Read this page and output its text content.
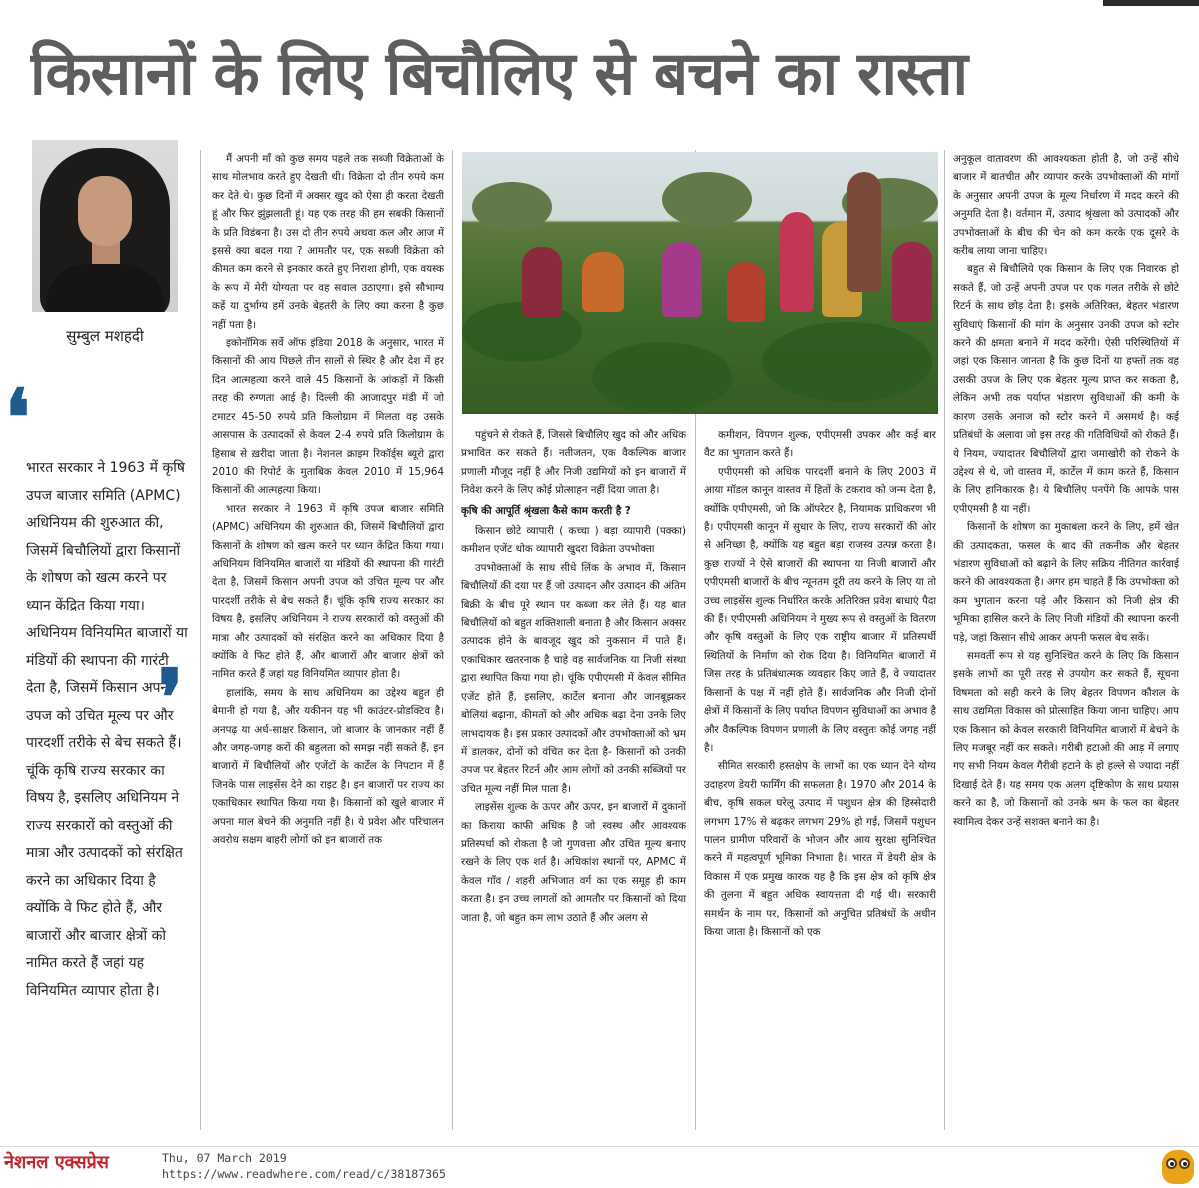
किसानों के लिए बिचौलिए से बचने का रास्ता
सुम्बुल मशहदी
❛
भारत सरकार ने 1963 में कृषि उपज बाजार समिति (APMC) अधिनियम की शुरुआत की, जिसमें बिचौलियों द्वारा किसानों के शोषण को खत्म करने पर ध्यान केंद्रित किया गया। अधिनियम विनियमित बाजारों या मंडियों की स्थापना की गारंटी देता है, जिसमें किसान अपनी उपज को उचित मूल्य पर और पारदर्शी तरीके से बेच सकते हैं। चूंकि कृषि राज्य सरकार का विषय है, इसलिए अधिनियम ने राज्य सरकारों को वस्तुओं की मात्रा और उत्पादकों को संरक्षित करने का अधिकार दिया है क्योंकि वे फिट होते हैं, और बाजारों और बाजार क्षेत्रों को नामित करते हैं जहां यह विनियमित व्यापार होता है।
❜

मैं अपनी माँ को कुछ समय पहले तक सब्जी विक्रेताओं के साथ मोलभाव करते हुए देखती थी। विक्रेता दो तीन रुपये कम कर देते थे। कुछ दिनों में अक्सर खुद को ऐसा ही करता देखती हूं और फिर झुंझलाती हूं। यह एक तरह की हम सबकी किसानों के प्रति विडंबना है। उस दो तीन रुपये अथवा कल और आज में इससे क्या बदल गया ? आमतौर पर, एक सब्जी विक्रेता को कीमत कम करने से इनकार करते हुए निराशा होगी, एक वयस्क के रूप में मेरी योग्यता पर वह सवाल उठाएगा। इसे सौभाग्य कहें या दुर्भाग्य हमें उनके बेहतरी के लिए क्या करना है कुछ नहीं पता है।

इकोनॉमिक सर्वे ऑफ इंडिया 2018 के अनुसार, भारत में किसानों की आय पिछले तीन सालों से स्थिर है और देश में हर दिन आत्महत्या करने वाले 45 किसानों के आंकड़ों में किसी तरह की रुग्णता आई है। दिल्ली की आजादपुर मंडी में जो टमाटर 45-50 रुपये प्रति किलोग्राम में मिलता वह उसके आसपास के उत्पादकों से केवल 2-4 रुपये प्रति किलोग्राम के हिसाब से ख़रीदा जाता है। नेशनल क्राइम रिकॉर्ड्स ब्यूरो द्वारा 2010 की रिपोर्ट के मुताबिक केवल 2010 में 15,964 किसानों की आत्महत्या किया।

भारत सरकार ने 1963 में कृषि उपज बाजार समिति (APMC) अधिनियम की शुरुआत की, जिसमें बिचौलियों द्वारा किसानों के शोषण को खत्म करने पर ध्यान केंद्रित किया गया। अधिनियम विनियमित बाजारों या मंडियों की स्थापना की गारंटी देता है, जिसमें किसान अपनी उपज को उचित मूल्य पर और पारदर्शी तरीके से बेच सकते हैं। चूंकि कृषि राज्य सरकार का विषय है, इसलिए अधिनियम ने राज्य सरकारों को वस्तुओं की मात्रा और उत्पादकों को संरक्षित करने का अधिकार दिया है क्योंकि वे फिट होते हैं, और बाजारों और बाजार क्षेत्रों को नामित करते हैं जहां यह विनियमित व्यापार होता है।

हालांकि, समय के साथ अधिनियम का उद्देश्य बहुत ही बेमानी हो गया है, और यकीनन यह भी काउंटर-प्रोडक्टिव है। अनपढ़ या अर्ध-साक्षर किसान, जो बाजार के जानकार नहीं हैं और जगह-जगह करों की बहुलता को समझ नहीं सकते हैं, इन बाजारों में बिचौलियों और एजेंटों के कार्टेल के निपटान में हैं जिनके पास लाइसेंस देने का राइट है। इन बाजारों पर राज्य का एकाधिकार स्थापित किया गया है। किसानों को खुले बाजार में अपना माल बेचने की अनुमति नहीं है। ये प्रवेश और परिचालन अवरोध सक्षम बाहरी लोगों को इन बाजारों तक

पहुंचने से रोकते हैं, जिससे बिचौलिए खुद को और अधिक प्रभावित कर सकते हैं। नतीजतन, एक वैकल्पिक बाजार प्रणाली मौजूद नहीं है और निजी उद्यमियों को इन बाजारों में निवेश करने के लिए कोई प्रोत्साहन नहीं दिया जाता है।

कृषि की आपूर्ति श्रृंखला कैसे काम करती है ?

किसान छोटे व्यापारी ( कच्चा ) बड़ा व्यापारी (पक्का) कमीशन एजेंट थोक व्यापारी खुदरा विक्रेता उपभोक्ता

उपभोक्ताओं के साथ सीधे लिंक के अभाव में, किसान बिचौलियों की दया पर हैं जो उत्पादन और उत्पादन की अंतिम बिक्री के बीच पूरे स्थान पर कब्जा कर लेते हैं। यह बात बिचौलियों को बहुत शक्तिशाली बनाता है और किसान अक्सर उत्पादक होने के बावजूद खुद को नुकसान में पाते हैं। एकाधिकार खतरनाक है चाहे वह सार्वजनिक या निजी संस्था द्वारा स्थापित किया गया हो। चूंकि एपीएमसी में केवल सीमित एजेंट होते हैं, इसलिए, कार्टेल बनाना और जानबूझकर बोलियां बढ़ाना, कीमतों को और अधिक बढ़ा देना उनके लिए लाभदायक है। इस प्रकार उत्पादकों और उपभोक्ताओं को भ्रम में डालकर, दोनों को वंचित कर देता है- किसानों को उनकी उपज पर बेहतर रिटर्न और आम लोगों को उनकी सब्जियों पर उचित मूल्य नहीं मिल पाता है।

लाइसेंस शुल्क के ऊपर और ऊपर, इन बाजारों में दुकानों का किराया काफी अधिक है जो स्वस्थ और आवश्यक प्रतिस्पर्धा को रोकता है जो गुणवत्ता और उचित मूल्य बनाए रखने के लिए एक शर्त है। अधिकांश स्थानों पर, APMC में केवल गाँव / शहरी अभिजात वर्ग का एक समूह ही काम करता है। इन उच्च लागतों को आमतौर पर किसानों को दिया जाता है, जो बहुत कम लाभ उठाते हैं और अलग से

कमीशन, विपणन शुल्क, एपीएमसी उपकर और कई बार वैट का भुगतान करते हैं।

एपीएमसी को अधिक पारदर्शी बनाने के लिए 2003 में आया मॉडल कानून वास्तव में हितों के टकराव को जन्म देता है, क्योंकि एपीएमसी, जो कि ऑपरेटर है, नियामक प्राधिकरण भी है। एपीएमसी कानून में सुधार के लिए, राज्य सरकारों की ओर से अनिच्छा है, क्योंकि यह बहुत बड़ा राजस्व उत्पन्न करता है। कुछ राज्यों ने ऐसे बाजारों की स्थापना या निजी बाजारों और एपीएमसी बाजारों के बीच न्यूनतम दूरी तय करने के लिए या तो उच्च लाइसेंस शुल्क निर्धारित करके अतिरिक्त प्रवेश बाधाएं पैदा की हैं। एपीएमसी अधिनियम ने मुख्य रूप से वस्तुओं के वितरण और कृषि वस्तुओं के लिए एक राष्ट्रीय बाजार में प्रतिस्पर्धी स्थितियों के निर्माण को रोक दिया है। विनियमित बाजारों में जिस तरह के प्रतिबंधात्मक व्यवहार किए जाते हैं, वे ज्यादातर किसानों के पक्ष में नहीं होते हैं। सार्वजनिक और निजी दोनों क्षेत्रों में किसानों के लिए पर्याप्त विपणन सुविधाओं का अभाव है और वैकल्पिक विपणन प्रणाली के लिए वस्तुतः कोई जगह नहीं है।

सीमित सरकारी हस्तक्षेप के लाभों का एक ध्यान देने योग्य उदाहरण डेयरी फार्मिंग की सफलता है। 1970 और 2014 के बीच, कृषि सकल घरेलू उत्पाद में पशुधन क्षेत्र की हिस्सेदारी लगभग 17% से बढ़कर लगभग 29% हो गई, जिसमें पशुधन पालन ग्रामीण परिवारों के भोजन और आय सुरक्षा सुनिश्चित करने में महत्वपूर्ण भूमिका निभाता है। भारत में डेयरी क्षेत्र के विकास में एक प्रमुख कारक यह है कि इस क्षेत्र को कृषि क्षेत्र की तुलना में बहुत अधिक स्वायत्तता दी गई थी। सरकारी समर्थन के नाम पर, किसानों को अनुचित प्रतिबंधों के अधीन किया जाता है। किसानों को एक

अनुकूल वातावरण की आवश्यकता होती है, जो उन्हें सीधे बाजार में बातचीत और व्यापार करके उपभोक्ताओं की मांगों के अनुसार अपनी उपज के मूल्य निर्धारण में मदद करने की अनुमति देता है। वर्तमान में, उत्पाद श्रृंखला को उत्पादकों और उपभोक्ताओं के बीच की चेन को कम करके एक दूसरे के करीब लाया जाना चाहिए।

बहुत से बिचौलिये एक किसान के लिए एक निवारक हो सकते हैं, जो उन्हें अपनी उपज पर एक गलत तरीके से छोटे रिटर्न के साथ छोड़ देता है। इसके अतिरिक्त, बेहतर भंडारण सुविधाएं किसानों की मांग के अनुसार उनकी उपज को स्टोर करने की क्षमता बनाने में मदद करेंगी। ऐसी परिस्थितियों में जहां एक किसान जानता है कि कुछ दिनों या हफ्तों तक वह उसकी उपज के लिए एक बेहतर मूल्य प्राप्त कर सकता है, लेकिन अभी तक पर्याप्त भंडारण सुविधाओं की कमी के कारण उसके अनाज को स्टोर करने में असमर्थ है। कई प्रतिबंधों के अलावा जो इस तरह की गतिविधियों को रोकते हैं। ये नियम, ज्यादातर बिचौलियों द्वारा जमाखोरी को रोकने के उद्देश्य से थे, जो वास्तव में, कार्टेल में काम करते हैं, किसान के लिए हानिकारक है। ये बिचौलिए पनपेंगे कि आपके पास एपीएमसी है या नहीं।

किसानों के शोषण का मुकाबला करने के लिए, हमें खेत की उत्पादकता, फसल के बाद की तकनीक और बेहतर भंडारण सुविधाओं को बढ़ाने के लिए सक्रिय नीतिगत कार्रवाई करने की आवश्यकता है। अगर हम चाहते हैं कि उपभोक्ता को कम भुगतान करना पड़े और किसान को निजी क्षेत्र की भूमिका हासिल करने के लिए निजी मंडियों की स्थापना करनी पड़े, जहां किसान सीधे आकर अपनी फसल बेच सकें।

समवर्ती रूप से यह सुनिश्चित करने के लिए कि किसान इसके लाभों का पूरी तरह से उपयोग कर सकते हैं, सूचना विषमता को सही करने के लिए बेहतर विपणन कौशल के साथ उद्यमिता विकास को प्रोत्साहित किया जाना चाहिए। आप एक किसान को केवल सरकारी विनियमित बाजारों में बेचने के लिए मजबूर नहीं कर सकते। गरीबी हटाओ की आड़ में लगाए गए सभी नियम केवल गैरीबी हटाने के हो हल्ले से ज्यादा नहीं दिखाई देते हैं। यह समय एक अलग दृष्टिकोण के साथ प्रयास करने का है, जो किसानों को उनके श्रम के फल का बेहतर स्वामित्व देकर उन्हें सशक्त बनाने का है।

नेशनल एक्सप्रेस	Thu, 07 March 2019
https://www.readwhere.com/read/c/38187365
